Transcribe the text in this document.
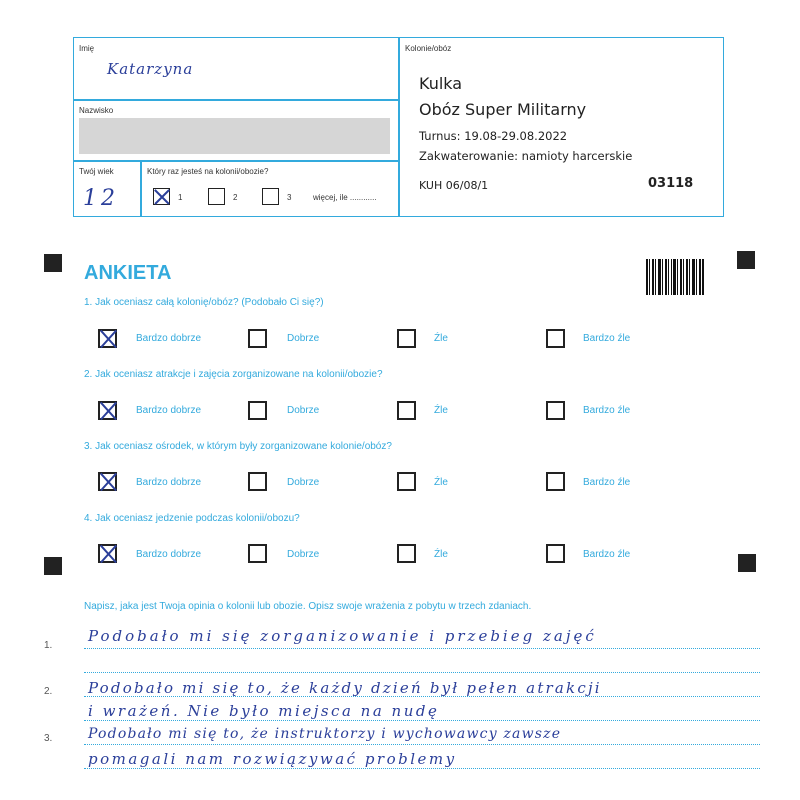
Imię
Katarzyna
Nazwisko
Twój wiek
12
Który raz jesteś na kolonii/obozie?
1	2	3	więcej, ile ............
Kolonie/obóz
Kulka
Obóz Super Militarny
Turnus: 19.08-29.08.2022
Zakwaterowanie: namioty harcerskie
KUH 06/08/1	03118
ANKIETA
1. Jak oceniasz całą kolonię/obóz? (Podobało Ci się?)
Bardzo dobrze	Dobrze	Źle	Bardzo źle
2. Jak oceniasz atrakcje i zajęcia zorganizowane na kolonii/obozie?
Bardzo dobrze	Dobrze	Źle	Bardzo źle
3. Jak oceniasz ośrodek, w którym były zorganizowane kolonie/obóz?
Bardzo dobrze	Dobrze	Źle	Bardzo źle
4. Jak oceniasz jedzenie podczas kolonii/obozu?
Bardzo dobrze	Dobrze	Źle	Bardzo źle
Napisz, jaka jest Twoja opinia o kolonii lub obozie. Opisz swoje wrażenia z pobytu w trzech zdaniach.
1.
2.
3.
Podobało mi się zorganizowanie i przebieg zajęć
Podobało mi się to, że każdy dzień był pełen atrakcji
i wrażeń. Nie było miejsca na nudę
Podobało mi się to, że instruktorzy i wychowawcy zawsze
pomagali nam rozwiązywać problemy
